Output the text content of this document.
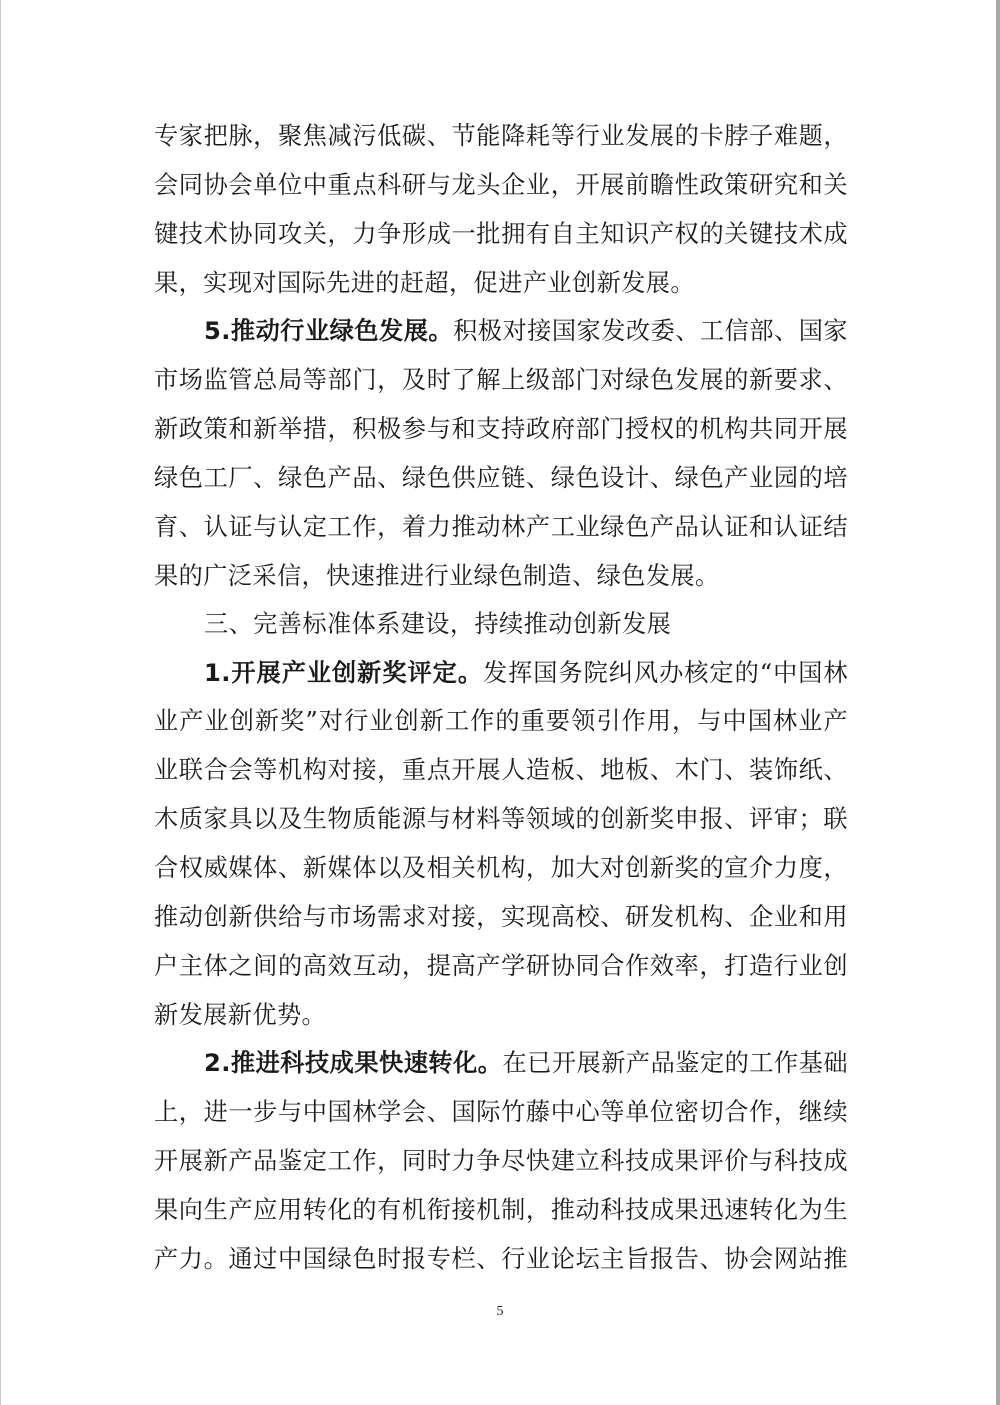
专家把脉，聚焦减污低碳、节能降耗等行业发展的卡脖子难题，
会同协会单位中重点科研与龙头企业，开展前瞻性政策研究和关
键技术协同攻关，力争形成一批拥有自主知识产权的关键技术成
果，实现对国际先进的赶超，促进产业创新发展。
5.推动行业绿色发展。积极对接国家发改委、工信部、国家
市场监管总局等部门，及时了解上级部门对绿色发展的新要求、
新政策和新举措，积极参与和支持政府部门授权的机构共同开展
绿色工厂、绿色产品、绿色供应链、绿色设计、绿色产业园的培
育、认证与认定工作，着力推动林产工业绿色产品认证和认证结
果的广泛采信，快速推进行业绿色制造、绿色发展。
三、完善标准体系建设，持续推动创新发展
1.开展产业创新奖评定。发挥国务院纠风办核定的“中国林
业产业创新奖”对行业创新工作的重要领引作用，与中国林业产
业联合会等机构对接，重点开展人造板、地板、木门、装饰纸、
木质家具以及生物质能源与材料等领域的创新奖申报、评审；联
合权威媒体、新媒体以及相关机构，加大对创新奖的宣介力度，
推动创新供给与市场需求对接，实现高校、研发机构、企业和用
户主体之间的高效互动，提高产学研协同合作效率，打造行业创
新发展新优势。
2.推进科技成果快速转化。在已开展新产品鉴定的工作基础
上，进一步与中国林学会、国际竹藤中心等单位密切合作，继续
开展新产品鉴定工作，同时力争尽快建立科技成果评价与科技成
果向生产应用转化的有机衔接机制，推动科技成果迅速转化为生
产力。通过中国绿色时报专栏、行业论坛主旨报告、协会网站推
5
